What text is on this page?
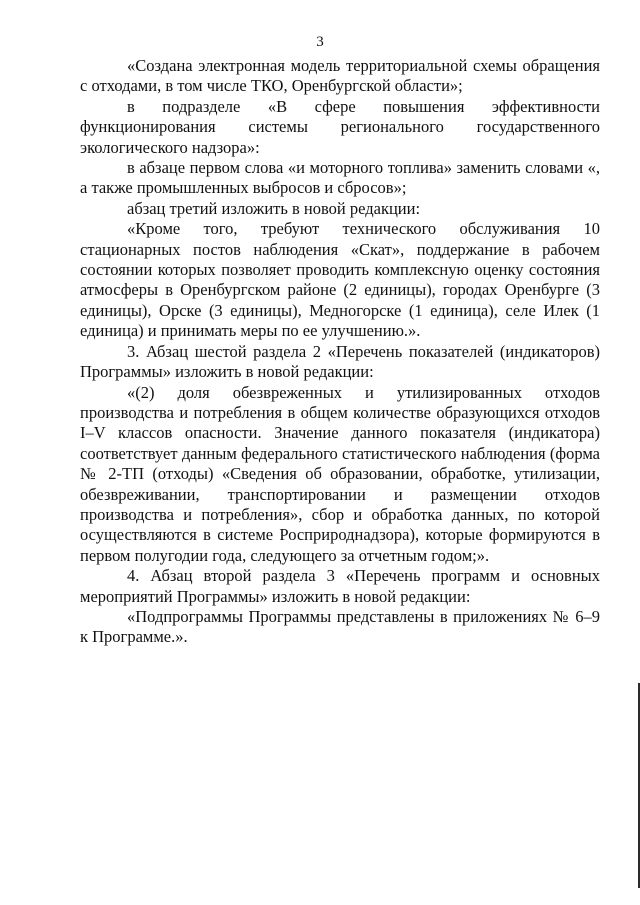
3

«Создана электронная модель территориальной схемы обращения с отходами, в том числе ТКО, Оренбургской области»;

в подразделе «В сфере повышения эффективности функционирования системы регионального государственного экологического надзора»:

в абзаце первом слова «и моторного топлива» заменить словами «, а также промышленных выбросов и сбросов»;

абзац третий изложить в новой редакции:

«Кроме того, требуют технического обслуживания 10 стационарных постов наблюдения «Скат», поддержание в рабочем состоянии которых позволяет проводить комплексную оценку состояния атмосферы в Оренбургском районе (2 единицы), городах Оренбурге (3 единицы), Орске (3 единицы), Медногорске (1 единица), селе Илек (1 единица) и принимать меры по ее улучшению.».

3. Абзац шестой раздела 2 «Перечень показателей (индикаторов) Программы» изложить в новой редакции:

«(2) доля обезвреженных и утилизированных отходов производства и потребления в общем количестве образующихся отходов I–V классов опасности. Значение данного показателя (индикатора) соответствует данным федерального статистического наблюдения (форма № 2-ТП (отходы) «Сведения об образовании, обработке, утилизации, обезвреживании, транспортировании и размещении отходов производства и потребления», сбор и обработка данных, по которой осуществляются в системе Росприроднадзора), которые формируются в первом полугодии года, следующего за отчетным годом;».

4. Абзац второй раздела 3 «Перечень программ и основных мероприятий Программы» изложить в новой редакции:

«Подпрограммы Программы представлены в приложениях № 6–9 к Программе.».
